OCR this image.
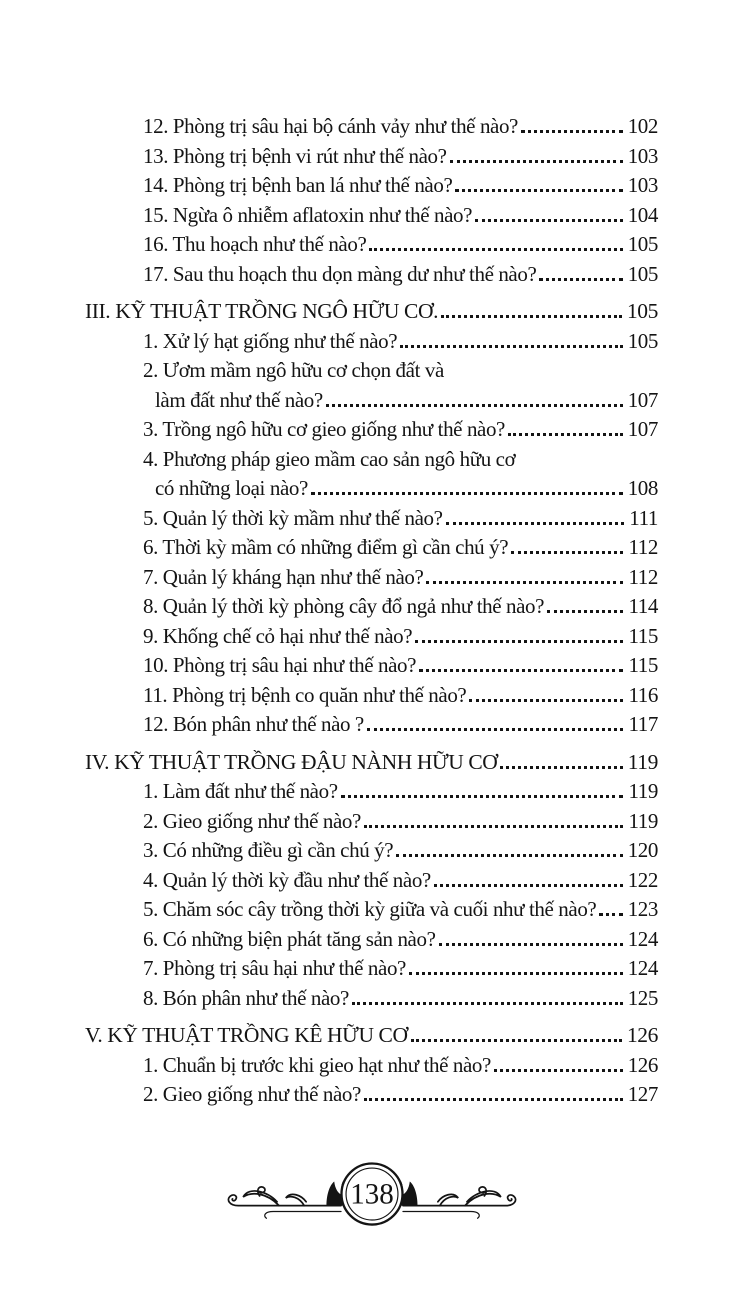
12. Phòng trị sâu hại bộ cánh vảy như thế nào?	102
13. Phòng trị bệnh vi rút như thế nào?	103
14. Phòng trị bệnh ban lá như thế nào?	103
15. Ngừa ô nhiễm aflatoxin như thế nào?	104
16. Thu hoạch như thế nào?	105
17. Sau thu hoạch thu dọn màng dư như thế nào?	105
III. KỸ THUẬT TRỒNG NGÔ HỮU CƠ.	105
1. Xử lý hạt giống như thế nào?	105
2. Ươm mầm ngô hữu cơ chọn đất và
làm đất như thế nào?	107
3. Trồng ngô hữu cơ gieo giống như thế nào?	107
4. Phương pháp gieo mầm cao sản ngô hữu cơ
có những loại nào?	108
5. Quản lý thời kỳ mầm như thế nào?	111
6. Thời kỳ mầm có những điểm gì cần chú ý?	112
7. Quản lý kháng hạn như thế nào?	112
8. Quản lý thời kỳ phòng cây đổ ngả như thế nào?	114
9. Khống chế cỏ hại như thế nào?	115
10. Phòng trị sâu hại như thế nào?	115
11. Phòng trị bệnh co quăn như thế nào?	116
12. Bón phân như thế nào ?	117
IV. KỸ THUẬT TRỒNG ĐẬU NÀNH HỮU CƠ	119
1. Làm đất như thế nào?	119
2. Gieo giống như thế nào?	119
3. Có những điều gì cần chú ý?	120
4. Quản lý thời kỳ đầu như thế nào?	122
5. Chăm sóc cây trồng thời kỳ giữa và cuối như thế nào? 123
6. Có những biện phát tăng sản nào?	124
7. Phòng trị sâu hại như thế nào?	124
8. Bón phân như thế nào?	125
V. KỸ THUẬT TRỒNG KÊ HỮU CƠ	126
1. Chuẩn bị trước khi gieo hạt như thế nào?	126
2. Gieo giống như thế nào?	127
138
